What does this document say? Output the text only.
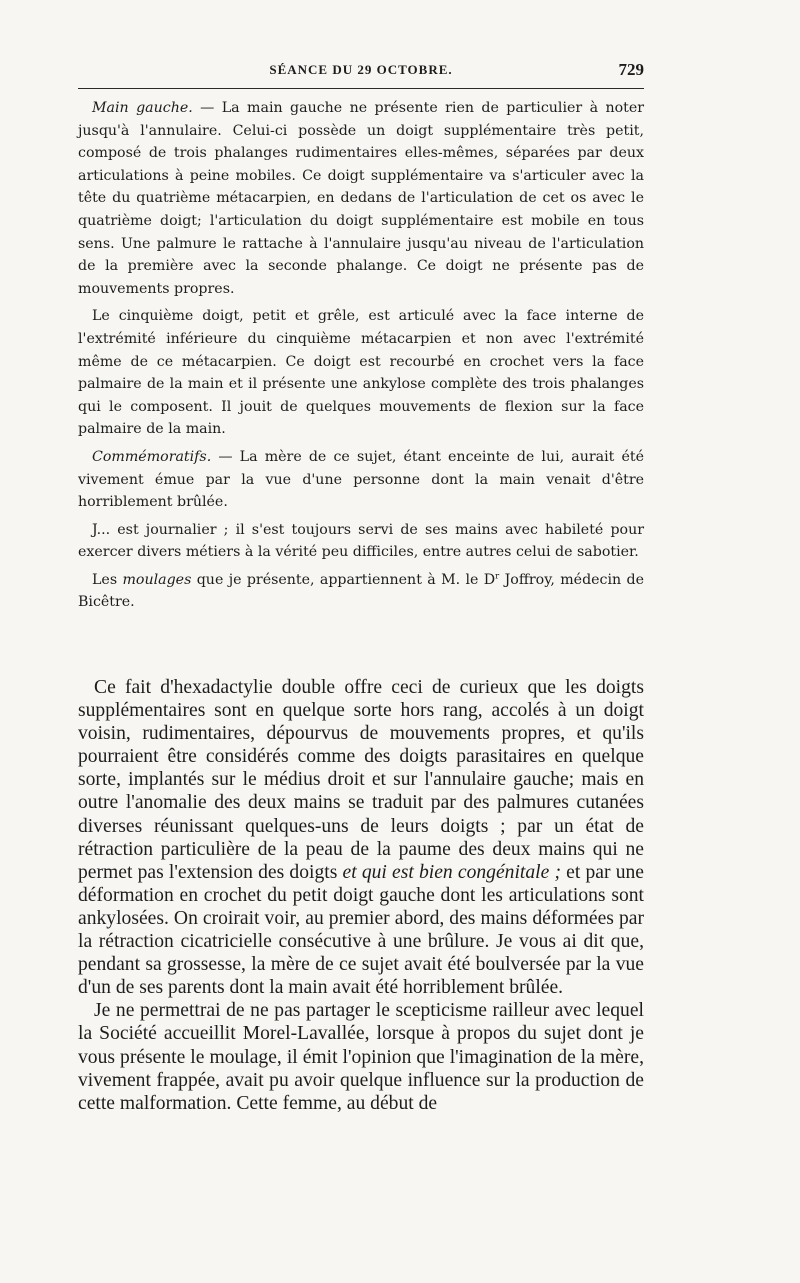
SÉANCE DU 29 OCTOBRE.	729

Main gauche. — La main gauche ne présente rien de particulier à noter jusqu'à l'annulaire. Celui-ci possède un doigt supplémentaire très petit, composé de trois phalanges rudimentaires elles-mêmes, séparées par deux articulations à peine mobiles. Ce doigt supplémentaire va s'articuler avec la tête du quatrième métacarpien, en dedans de l'articulation de cet os avec le quatrième doigt; l'articulation du doigt supplémentaire est mobile en tous sens. Une palmure le rattache à l'annulaire jusqu'au niveau de l'articulation de la première avec la seconde phalange. Ce doigt ne présente pas de mouvements propres.

Le cinquième doigt, petit et grêle, est articulé avec la face interne de l'extrémité inférieure du cinquième métacarpien et non avec l'extrémité même de ce métacarpien. Ce doigt est recourbé en crochet vers la face palmaire de la main et il présente une ankylose complète des trois phalanges qui le composent. Il jouit de quelques mouvements de flexion sur la face palmaire de la main.

Commémoratifs. — La mère de ce sujet, étant enceinte de lui, aurait été vivement émue par la vue d'une personne dont la main venait d'être horriblement brûlée.

J... est journalier ; il s'est toujours servi de ses mains avec habileté pour exercer divers métiers à la vérité peu difficiles, entre autres celui de sabotier.

Les moulages que je présente, appartiennent à M. le $D^r$ Joffroy, médecin de Bicêtre.

Ce fait d'hexadactylie double offre ceci de curieux que les doigts supplémentaires sont en quelque sorte hors rang, accolés à un doigt voisin, rudimentaires, dépourvus de mouvements propres, et qu'ils pourraient être considérés comme des doigts parasitaires en quelque sorte, implantés sur le médius droit et sur l'annulaire gauche; mais en outre l'anomalie des deux mains se traduit par des palmures cutanées diverses réunissant quelques-uns de leurs doigts ; par un état de rétraction particulière de la peau de la paume des deux mains qui ne permet pas l'extension des doigts et qui est bien congénitale ; et par une déformation en crochet du petit doigt gauche dont les articulations sont ankylosées. On croirait voir, au premier abord, des mains déformées par la rétraction cicatricielle consécutive à une brûlure. Je vous ai dit que, pendant sa grossesse, la mère de ce sujet avait été boulversée par la vue d'un de ses parents dont la main avait été horriblement brûlée.

Je ne permettrai de ne pas partager le scepticisme railleur avec lequel la Société accueillit Morel-Lavallée, lorsque à propos du sujet dont je vous présente le moulage, il émit l'opinion que l'imagination de la mère, vivement frappée, avait pu avoir quelque influence sur la production de cette malformation. Cette femme, au début de
